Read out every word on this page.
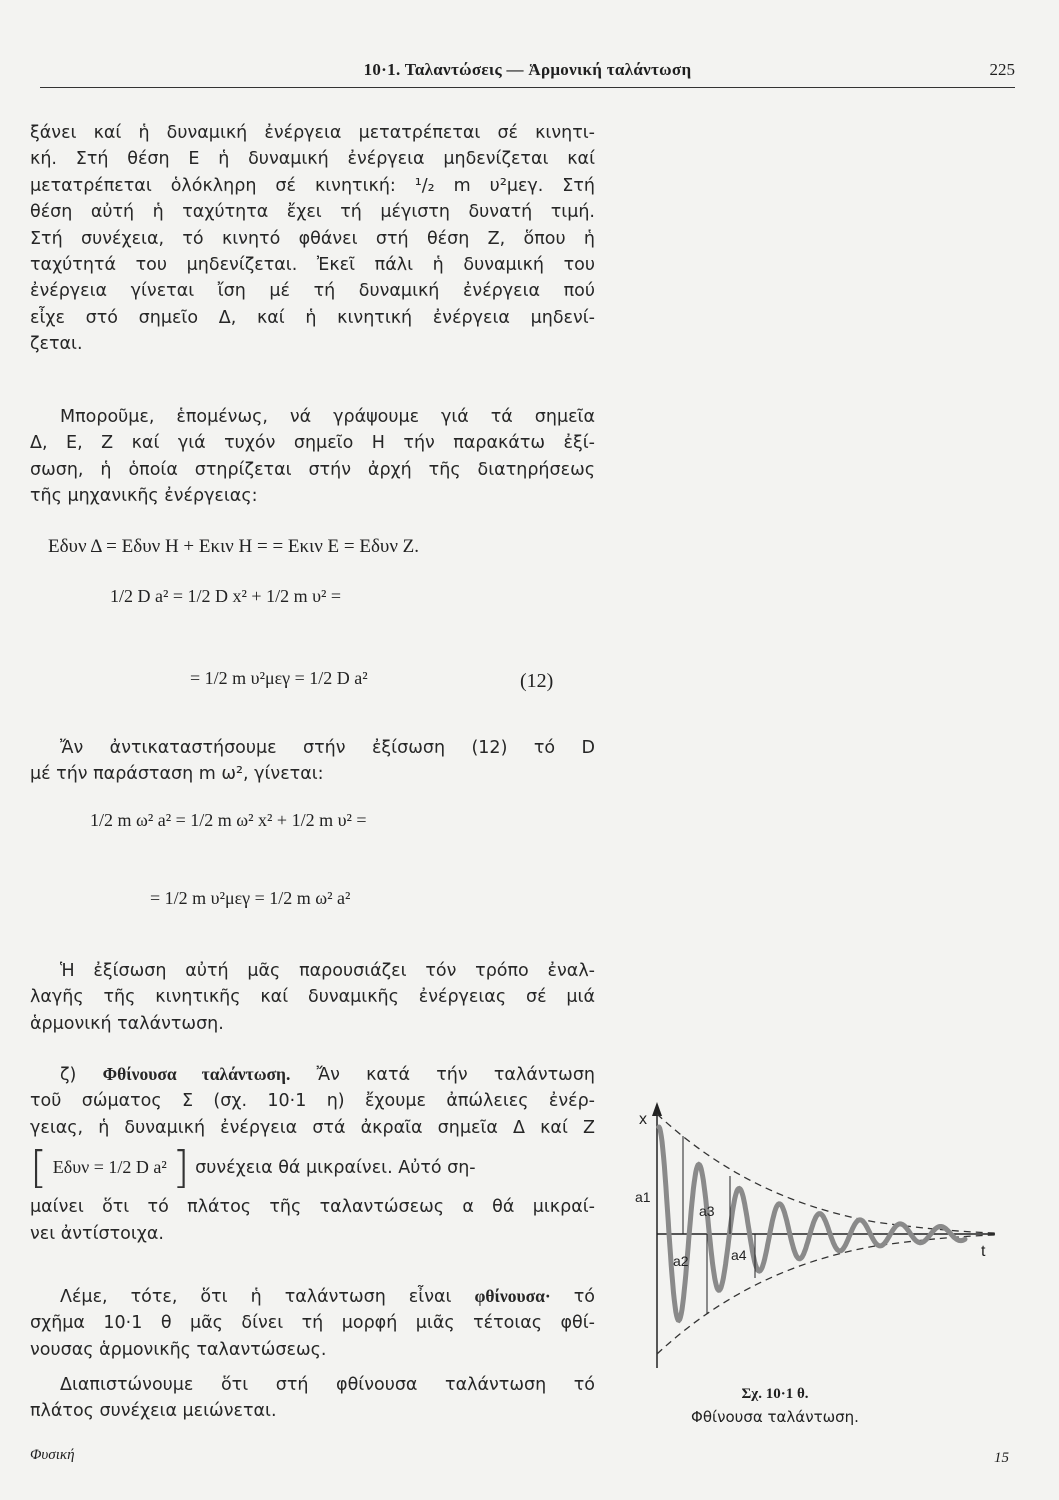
10·1. Ταλαντώσεις — Ἁρμονική ταλάντωση	225
ξάνει καί ἡ δυναμική ἐνέργεια μετατρέπεται σέ κινητι-
κή. Στή θέση Ε ἡ δυναμική ἐνέργεια μηδενίζεται καί
μετατρέπεται ὁλόκληρη σέ κινητική: ¹/₂ m υ²μεγ. Στή
θέση αὐτή ἡ ταχύτητα ἔχει τή μέγιστη δυνατή τιμή.
Στή συνέχεια, τό κινητό φθάνει στή θέση Ζ, ὅπου ἡ
ταχύτητά του μηδενίζεται. Ἐκεῖ πάλι ἡ δυναμική του
ἐνέργεια γίνεται ἴση μέ τή δυναμική ἐνέργεια πού
εἶχε στό σημεῖο Δ, καί ἡ κινητική ἐνέργεια μηδενί-
ζεται.
Μποροῦμε, ἑπομένως, νά γράψουμε γιά τά σημεῖα
Δ, Ε, Ζ καί γιά τυχόν σημεῖο Η τήν παρακάτω ἐξί-
σωση, ἡ ὁποία στηρίζεται στήν ἀρχή τῆς διατηρήσεως
τῆς μηχανικῆς ἐνέργειας:
Eδυν Δ = Eδυν Η + Eκιν Η = = Eκιν Ε = Eδυν Ζ.
1/2 D a² = 1/2 D x² + 1/2 m υ² =
= 1/2 m υ²μεγ = 1/2 D a²	(12)
Ἄν ἀντικαταστήσουμε στήν ἐξίσωση (12) τό D
μέ τήν παράσταση m ω², γίνεται:
1/2 m ω² a² = 1/2 m ω² x² + 1/2 m υ² =
= 1/2 m υ²μεγ = 1/2 m ω² a²
Ἡ ἐξίσωση αὐτή μᾶς παρουσιάζει τόν τρόπο ἐναλ-
λαγῆς τῆς κινητικῆς καί δυναμικῆς ἐνέργειας σέ μιά
ἁρμονική ταλάντωση.
ζ) Φθίνουσα ταλάντωση. Ἄν κατά τήν ταλάντωση
τοῦ σώματος Σ (σχ. 10·1 η) ἔχουμε ἀπώλειες ἐνέρ-
γειας, ἡ δυναμική ἐνέργεια στά ἀκραῖα σημεῖα Δ καί Ζ
[ Eδυν = 1/2 D a² ] συνέχεια θά μικραίνει. Αὐτό ση-
μαίνει ὅτι τό πλάτος τῆς ταλαντώσεως α θά μικραί-
νει ἀντίστοιχα.
Λέμε, τότε, ὅτι ἡ ταλάντωση εἶναι φθίνουσα· τό
σχῆμα 10·1 θ μᾶς δίνει τή μορφή μιᾶς τέτοιας φθί-
νουσας ἁρμονικῆς ταλαντώσεως.
Διαπιστώνουμε ὅτι στή φθίνουσα ταλάντωση τό
πλάτος συνέχεια μειώνεται.
x
t
a1
a2
a3
a4
Σχ. 10·1 θ.
Φθίνουσα ταλάντωση.
Φυσική	15
